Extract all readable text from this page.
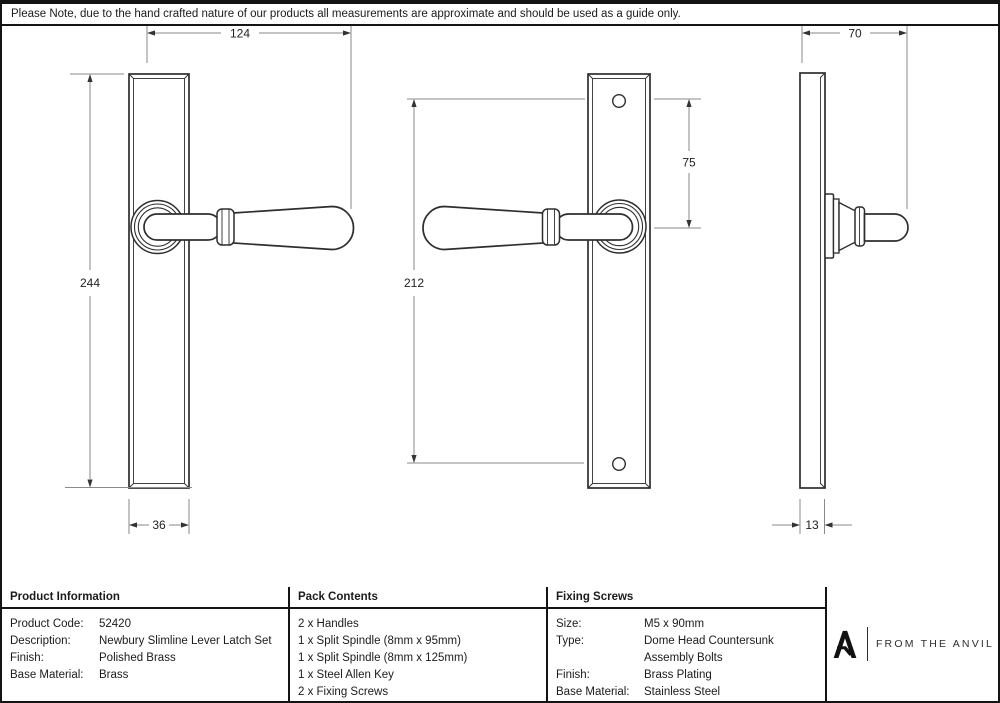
124
244
36
212
75
70
13
Please Note, due to the hand crafted nature of our products all measurements are approximate and should be used as a guide only.
Product Information
Product Code:	52420
Description:	Newbury Slimline Lever Latch Set
Finish:	Polished Brass
Base Material:	Brass
Pack Contents
2 x Handles
1 x Split Spindle (8mm x 95mm)
1 x Split Spindle (8mm x 125mm)
1 x Steel Allen Key
2 x Fixing Screws
Fixing Screws
Size:	M5 x 90mm
Type:	Dome Head Countersunk
Assembly Bolts
Finish:	Brass Plating
Base Material:	Stainless Steel
FROM THE ANVIL
